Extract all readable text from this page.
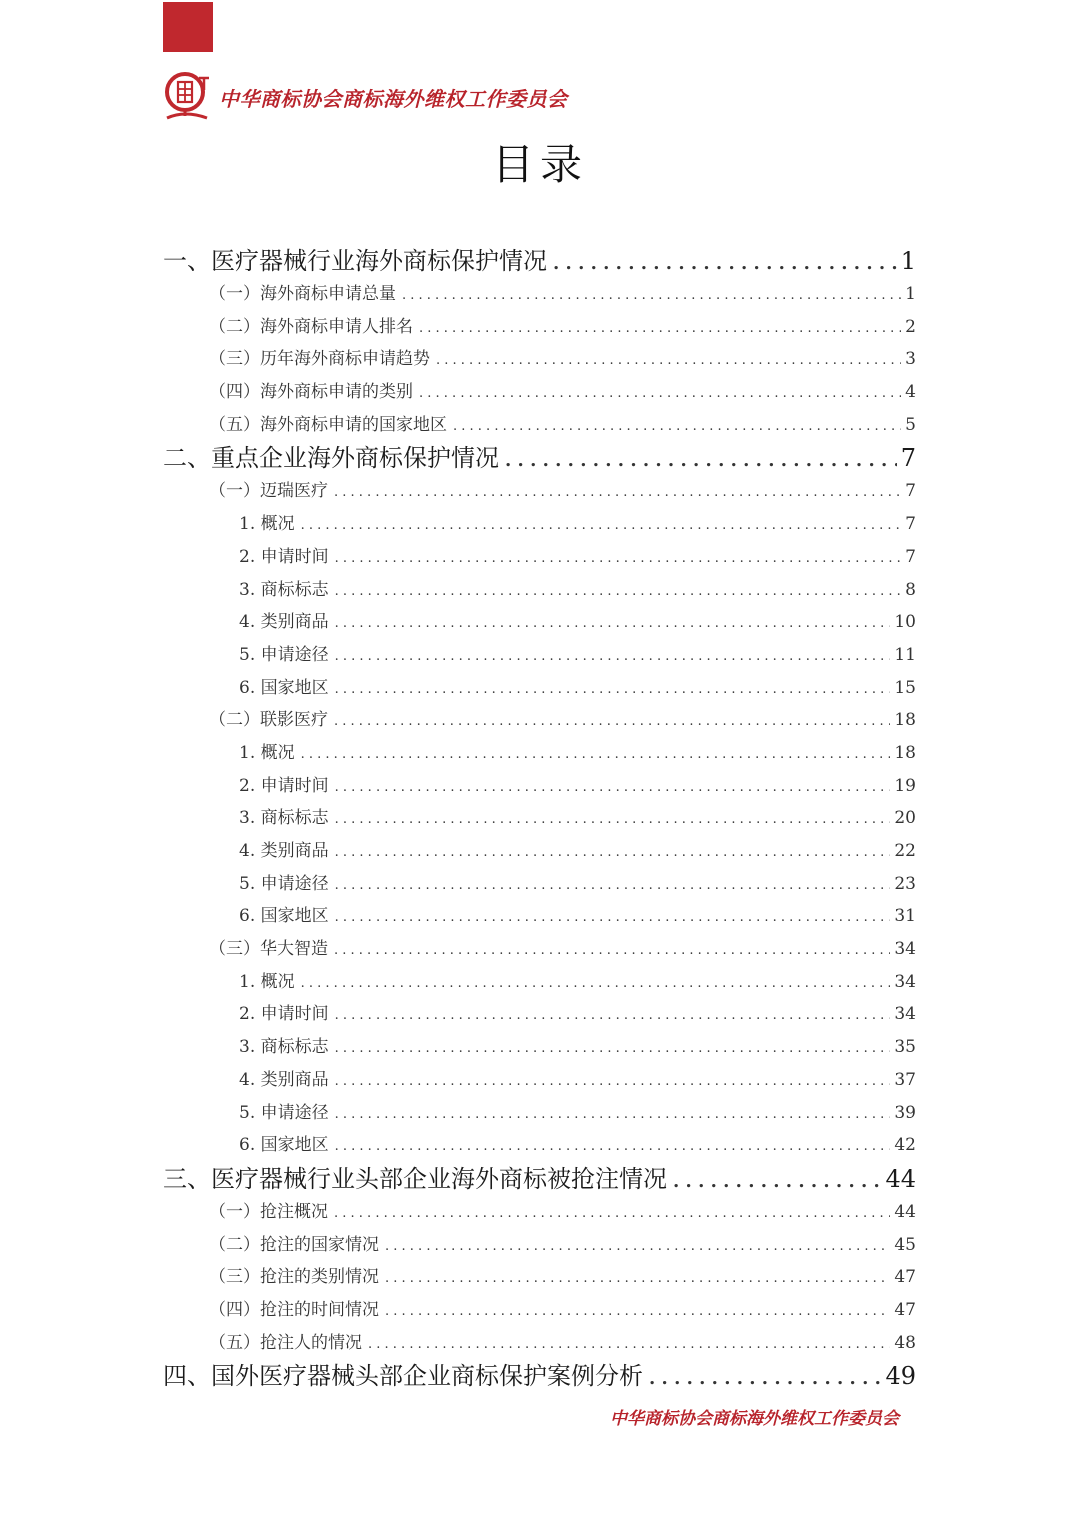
中华商标协会商标海外维权工作委员会
目录
一、医疗器械行业海外商标保护情况 . . .	1
（一）海外商标申请总量 . . .	1
（二）海外商标申请人排名 . . .	2
（三）历年海外商标申请趋势 . . .	3
（四）海外商标申请的类别 . . .	4
（五）海外商标申请的国家地区 . . .	5
二、重点企业海外商标保护情况 . . .	7
（一）迈瑞医疗 . . .	7
1. 概况 . . .	7
2. 申请时间 . . .	7
3. 商标标志 . . .	8
4. 类别商品 . . .	10
5. 申请途径 . . .	11
6. 国家地区 . . .	15
（二）联影医疗 . . .	18
1. 概况 . . .	18
2. 申请时间 . . .	19
3. 商标标志 . . .	20
4. 类别商品 . . .	22
5. 申请途径 . . .	23
6. 国家地区 . . .	31
（三）华大智造 . . .	34
1. 概况 . . .	34
2. 申请时间 . . .	34
3. 商标标志 . . .	35
4. 类别商品 . . .	37
5. 申请途径 . . .	39
6. 国家地区 . . .	42
三、医疗器械行业头部企业海外商标被抢注情况 . . .	44
（一）抢注概况 . . .	44
（二）抢注的国家情况 . . .	45
（三）抢注的类别情况 . . .	47
（四）抢注的时间情况 . . .	47
（五）抢注人的情况 . . .	48
四、国外医疗器械头部企业商标保护案例分析 . . .	49
中华商标协会商标海外维权工作委员会
